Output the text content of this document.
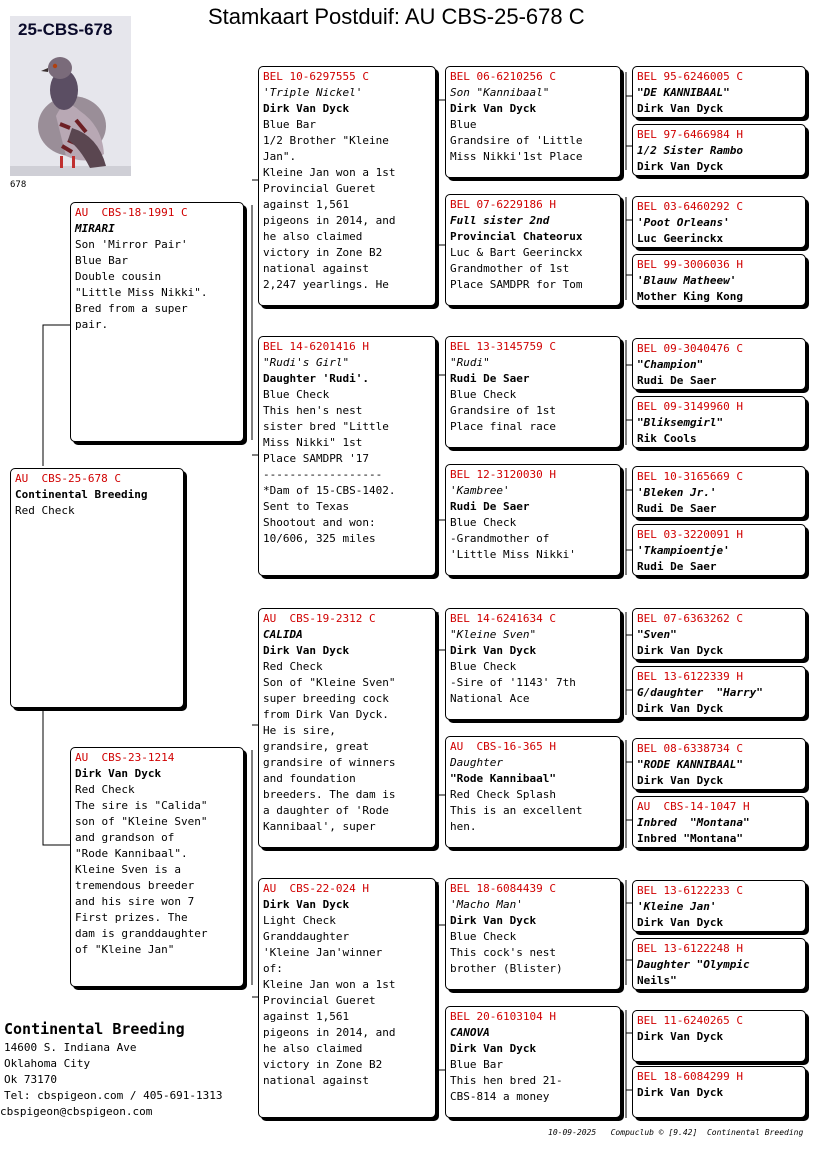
Stamkaart Postduif: AU CBS-25-678 C
25-CBS-678
678
AU  CBS-25-678 C
Continental Breeding
Red Check
AU  CBS-18-1991 C
MIRARI
Son 'Mirror Pair'
Blue Bar
Double cousin
"Little Miss Nikki".
Bred from a super
pair.
AU  CBS-23-1214
Dirk Van Dyck
Red Check
The sire is "Calida"
son of "Kleine Sven"
and grandson of
"Rode Kannibaal".
Kleine Sven is a
tremendous breeder
and his sire won 7
First prizes. The
dam is granddaughter
of "Kleine Jan"
BEL 10-6297555 C
'Triple Nickel'
Dirk Van Dyck
Blue Bar
1/2 Brother "Kleine
Jan".
Kleine Jan won a 1st
Provincial Gueret
against 1,561
pigeons in 2014, and
he also claimed
victory in Zone B2
national against
2,247 yearlings. He
BEL 14-6201416 H
"Rudi's Girl"
Daughter 'Rudi'.
Blue Check
This hen's nest
sister bred "Little
Miss Nikki" 1st
Place SAMDPR '17
------------------
*Dam of 15-CBS-1402.
Sent to Texas
Shootout and won:
10/606, 325 miles
AU  CBS-19-2312 C
CALIDA
Dirk Van Dyck
Red Check
Son of "Kleine Sven"
super breeding cock
from Dirk Van Dyck.
He is sire,
grandsire, great
grandsire of winners
and foundation
breeders. The dam is
a daughter of 'Rode
Kannibaal', super
AU  CBS-22-024 H
Dirk Van Dyck
Light Check
Granddaughter
'Kleine Jan'winner
of:
Kleine Jan won a 1st
Provincial Gueret
against 1,561
pigeons in 2014, and
he also claimed
victory in Zone B2
national against
BEL 06-6210256 C
Son "Kannibaal"
Dirk Van Dyck
Blue
Grandsire of 'Little
Miss Nikki'1st Place
BEL 07-6229186 H
Full sister 2nd
Provincial Chateorux
Luc & Bart Geerinckx
Grandmother of 1st
Place SAMDPR for Tom
BEL 13-3145759 C
"Rudi"
Rudi De Saer
Blue Check
Grandsire of 1st
Place final race
BEL 12-3120030 H
'Kambree'
Rudi De Saer
Blue Check
-Grandmother of
'Little Miss Nikki'
BEL 14-6241634 C
"Kleine Sven"
Dirk Van Dyck
Blue Check
-Sire of '1143' 7th
National Ace
AU  CBS-16-365 H
Daughter
"Rode Kannibaal"
Red Check Splash
This is an excellent
hen.
BEL 18-6084439 C
'Macho Man'
Dirk Van Dyck
Blue Check
This cock's nest
brother (Blister)
BEL 20-6103104 H
CANOVA
Dirk Van Dyck
Blue Bar
This hen bred 21-
CBS-814 a money
BEL 95-6246005 C
"DE KANNIBAAL"
Dirk Van Dyck
BEL 97-6466984 H
1/2 Sister Rambo
Dirk Van Dyck
BEL 03-6460292 C
'Poot Orleans'
Luc Geerinckx
BEL 99-3006036 H
'Blauw Matheew'
Mother King Kong
BEL 09-3040476 C
"Champion"
Rudi De Saer
BEL 09-3149960 H
"Bliksemgirl"
Rik Cools
BEL 10-3165669 C
'Bleken Jr.'
Rudi De Saer
BEL 03-3220091 H
'Tkampioentje'
Rudi De Saer
BEL 07-6363262 C
"Sven"
Dirk Van Dyck
BEL 13-6122339 H
G/daughter  "Harry"
Dirk Van Dyck
BEL 08-6338734 C
"RODE KANNIBAAL"
Dirk Van Dyck
AU  CBS-14-1047 H
Inbred  "Montana"
Inbred "Montana"
BEL 13-6122233 C
'Kleine Jan'
Dirk Van Dyck
BEL 13-6122248 H
Daughter "Olympic
Neils"
BEL 11-6240265 C
Dirk Van Dyck
BEL 18-6084299 H
Dirk Van Dyck
Continental Breeding
14600 S. Indiana Ave
Oklahoma City
Ok 73170
Tel: cbspigeon.com / 405-691-1313
cbspigeon@cbspigeon.com
10-09-2025   Compuclub © [9.42]  Continental Breeding
